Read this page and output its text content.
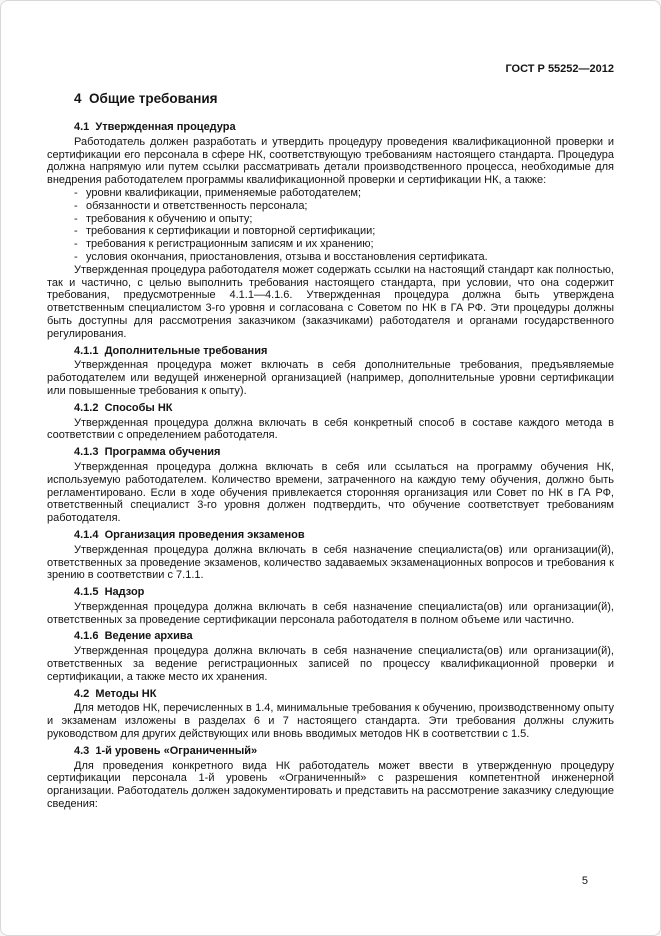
ГОСТ Р 55252—2012
4  Общие требования
4.1  Утвержденная процедура
Работодатель должен разработать и утвердить процедуру проведения квалификационной проверки и сертификации его персонала в сфере НК, соответствующую требованиям настоящего стандарта. Процедура должна напрямую или путем ссылки рассматривать детали производственного процесса, необходимые для внедрения работодателем программы квалификационной проверки и сертификации НК, а также:
- уровни квалификации, применяемые работодателем;
- обязанности и ответственность персонала;
- требования к обучению и опыту;
- требования к сертификации и повторной сертификации;
- требования к регистрационным записям и их хранению;
- условия окончания, приостановления, отзыва и восстановления сертификата.
Утвержденная процедура работодателя может содержать ссылки на настоящий стандарт как полностью, так и частично, с целью выполнить требования настоящего стандарта, при условии, что она содержит требования, предусмотренные 4.1.1—4.1.6. Утвержденная процедура должна быть утверждена ответственным специалистом 3-го уровня и согласована с Советом по НК в ГА РФ. Эти процедуры должны быть доступны для рассмотрения заказчиком (заказчиками) работодателя и органами государственного регулирования.
4.1.1  Дополнительные требования
Утвержденная процедура может включать в себя дополнительные требования, предъявляемые работодателем или ведущей инженерной организацией (например, дополнительные уровни сертификации или повышенные требования к опыту).
4.1.2  Способы НК
Утвержденная процедура должна включать в себя конкретный способ в составе каждого метода в соответствии с определением работодателя.
4.1.3  Программа обучения
Утвержденная процедура должна включать в себя или ссылаться на программу обучения НК, используемую работодателем. Количество времени, затраченного на каждую тему обучения, должно быть регламентировано. Если в ходе обучения привлекается сторонняя организация или Совет по НК в ГА РФ, ответственный специалист 3-го уровня должен подтвердить, что обучение соответствует требованиям работодателя.
4.1.4  Организация проведения экзаменов
Утвержденная процедура должна включать в себя назначение специалиста(ов) или организации(й), ответственных за проведение экзаменов, количество задаваемых экзаменационных вопросов и требования к зрению в соответствии с 7.1.1.
4.1.5  Надзор
Утвержденная процедура должна включать в себя назначение специалиста(ов) или организации(й), ответственных за проведение сертификации персонала работодателя в полном объеме или частично.
4.1.6  Ведение архива
Утвержденная процедура должна включать в себя назначение специалиста(ов) или организации(й), ответственных за ведение регистрационных записей по процессу квалификационной проверки и сертификации, а также место их хранения.
4.2  Методы НК
Для методов НК, перечисленных в 1.4, минимальные требования к обучению, производственному опыту и экзаменам изложены в разделах 6 и 7 настоящего стандарта. Эти требования должны служить руководством для других действующих или вновь вводимых методов НК в соответствии с 1.5.
4.3  1-й уровень «Ограниченный»
Для проведения конкретного вида НК работодатель может ввести в утвержденную процедуру сертификации персонала 1-й уровень «Ограниченный» с разрешения компетентной инженерной организации. Работодатель должен задокументировать и представить на рассмотрение заказчику следующие сведения:
5
